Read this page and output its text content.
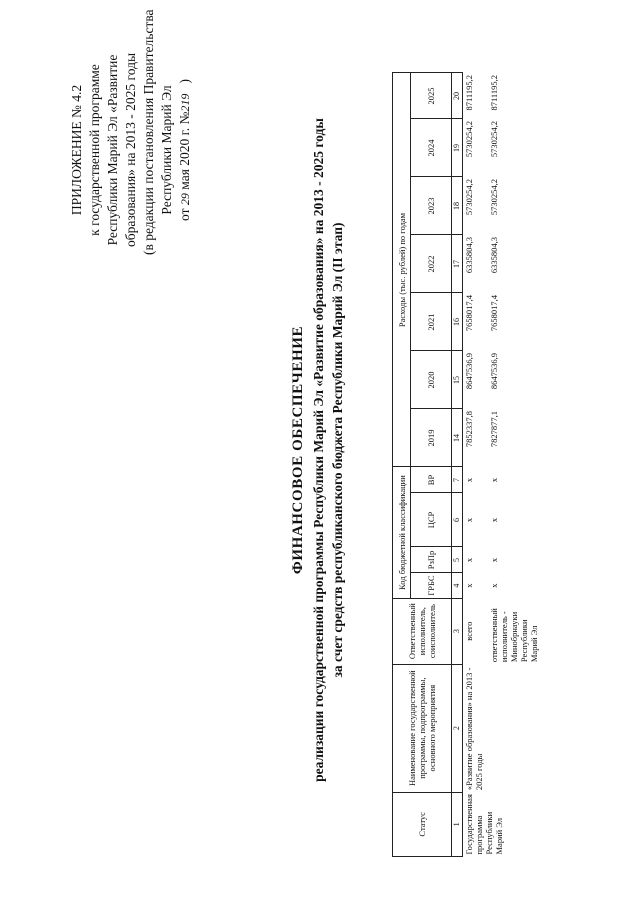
ПРИЛОЖЕНИЕ № 4.2 к государственной программе Республики Марий Эл «Развитие образования» на 2013 - 2025 годы (в редакции постановления Правительства Республики Марий Эл
от 29 мая 2020 г. №219   )
ФИНАНСОВОЕ ОБЕСПЕЧЕНИЕ реализации государственной программы Республики Марий Эл «Развитие образования» на 2013 - 2025 годы за счет средств республиканского бюджета Республики Марий Эл (II этап)
Статус	Наименование государственной программы, подпрограммы, основного мероприятия	Ответственный исполнитель, соисполнитель	Код бюджетной классификации				Расходы (тыс. рублей) по годам						
			ГРБС	РзПр	ЦСР	ВР	2019	2020	2021	2022	2023	2024	2025
1	2	3	4	5	6	7	14	15	16	17	18	19	20
Государственная программа Республики Марий Эл	«Развитие образования» на 2013 - 2025 годы	всего	х	х	х	х	7852337,8	8647536,9	7658017,4	6335804,3	5730254,2	5730254,2	8711195,2
		ответственный исполнитель - Минобрнауки Республики Марий Эл	х	х	х	х	7827877,1	8647536,9	7658017,4	6335804,3	5730254,2	5730254,2	8711195,2
